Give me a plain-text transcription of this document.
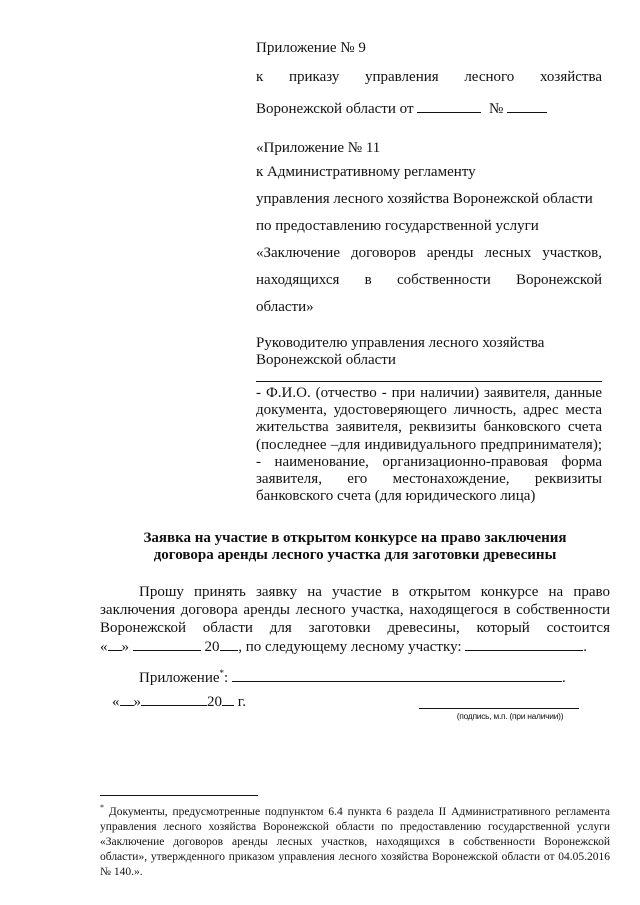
Приложение № 9
к приказу управления лесного хозяйства
Воронежской области от	№
«Приложение № 11
к Административному регламенту
управления лесного хозяйства Воронежской области
по предоставлению государственной услуги
«Заключение договоров аренды лесных участков,
находящихся в собственности Воронежской
области»
Руководителю управления лесного хозяйства
Воронежской области
- Ф.И.О. (отчество - при наличии) заявителя, данные
документа, удостоверяющего личность, адрес места
жительства заявителя, реквизиты банковского счета
(последнее –для индивидуального предпринимателя);
- наименование, организационно-правовая форма
заявителя, его местонахождение, реквизиты
банковского счета (для юридического лица)
Заявка на участие в открытом конкурсе на право заключения
договора аренды лесного участка для заготовки древесины
Прошу принять заявку на участие в открытом конкурсе на право
заключения договора аренды лесного участка, находящегося в собственности
Воронежской области для заготовки древесины, который состоится
« »	20 , по следующему лесному участку:	.
Приложение*:	.
« »	20 г.
(подпись, м.п. (при наличии))
* Документы, предусмотренные подпунктом 6.4 пункта 6 раздела II Административного регламента управления лесного хозяйства Воронежской области по предоставлению государственной услуги «Заключение договоров аренды лесных участков, находящихся в собственности Воронежской области», утвержденного приказом управления лесного хозяйства Воронежской области от 04.05.2016 № 140.».
